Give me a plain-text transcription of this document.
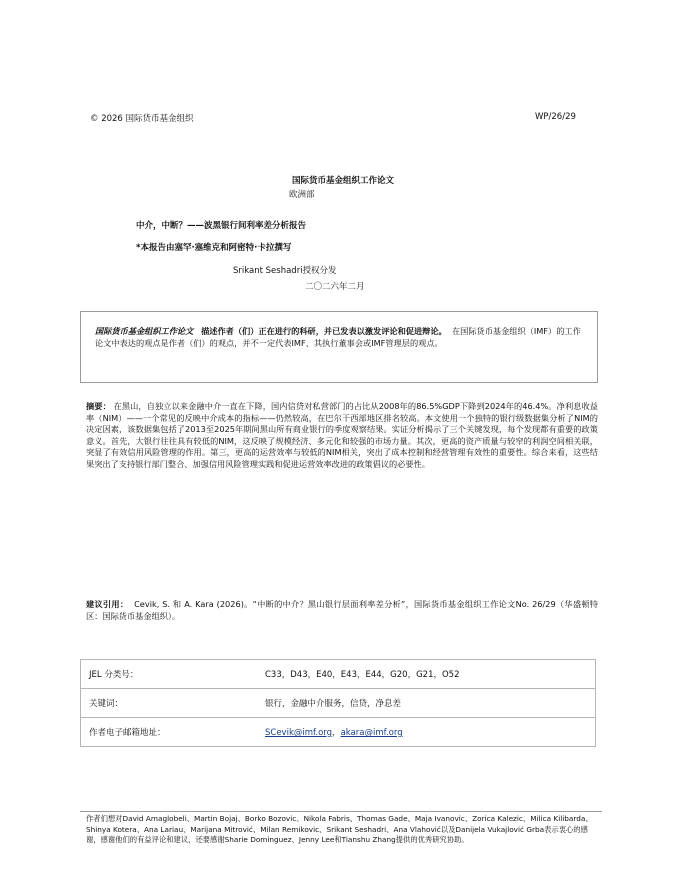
© 2026 国际货币基金组织	WP/26/29
国际货币基金组织工作论文
欧洲部
中介，中断？——波黑银行间利率差分析报告
*本报告由塞罕·塞维克和阿密特·卡拉撰写
Srikant Seshadri授权分发
二〇二六年二月
国际货币基金组织工作论文 描述作者（们）正在进行的科研，并已发表以激发评论和促进辩论。 在国际货币基金组织（IMF）的工作论文中表达的观点是作者（们）的观点，并不一定代表IMF、其执行董事会或IMF管理层的观点。
摘要： 在黑山，自独立以来金融中介一直在下降，国内信贷对私营部门的占比从2008年的86.5%GDP下降到2024年的46.4%。净利息收益率（NIM）——一个常见的反映中介成本的指标——仍然较高，在巴尔干西部地区排名较高。本文使用一个独特的银行级数据集分析了NIM的决定因素，该数据集包括了2013至2025年期间黑山所有商业银行的季度观察结果。实证分析揭示了三个关键发现，每个发现都有重要的政策意义。首先，大银行往往具有较低的NIM，这反映了规模经济、多元化和较强的市场力量。其次，更高的资产质量与较窄的利润空间相关联，突显了有效信用风险管理的作用。第三，更高的运营效率与较低的NIM相关，突出了成本控制和经营管理有效性的重要性。综合来看，这些结果突出了支持银行部门整合、加强信用风险管理实践和促进运营效率改进的政策倡议的必要性。
建议引用： Cevik, S. 和 A. Kara (2026)。“中断的中介？黑山银行层面利率差分析”，国际货币基金组织工作论文No. 26/29（华盛顿特区：国际货币基金组织）。
JEL 分类号：	C33，D43，E40，E43，E44，G20，G21，O52
关键词：	银行，金融中介服务，信贷，净息差
作者电子邮箱地址：	SCevik@imf.org，akara@imf.org
作者们想对David Amaglobeli、Martin Bojaj、Borko Bozovic、Nikola Fabris、Thomas Gade、Maja Ivanovic、Zorica Kalezic、Milica Kilibarda、Shinya Kotera、Ana Lariau、Marijana Mitrović、Milan Remikovic、Srikant Seshadri、Ana Vlahović以及Danijela Vukajlović Grba表示衷心的感谢，感谢他们的有益评论和建议，还要感谢Sharie Dominguez、Jenny Lee和Tianshu Zhang提供的优秀研究协助。
